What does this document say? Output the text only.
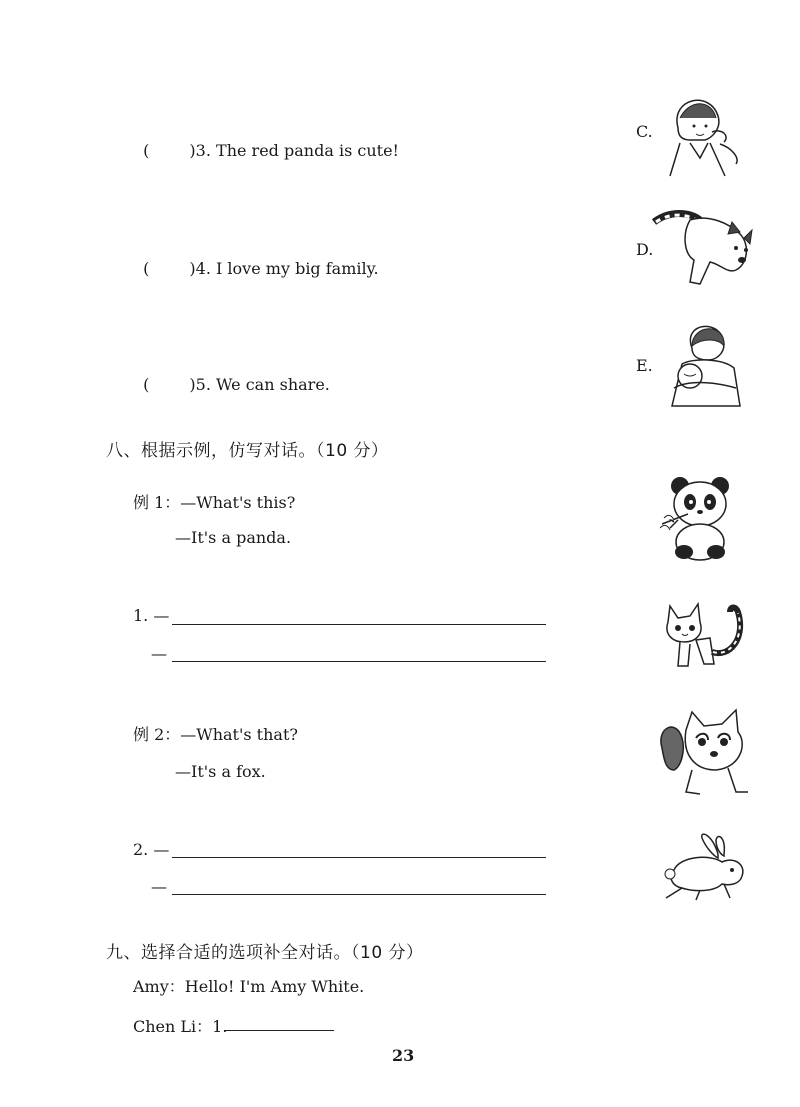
(	)3. The red panda is cute!

C.

(	)4. I love my big family.

D.

(	)5. We can share.

E.
八、根据示例，仿写对话。（10 分）
例 1：—What's this?
—It's a panda.
1. —
—
例 2：—What's that?
—It's a fox.
2. —
—
九、选择合适的选项补全对话。（10 分）
Amy：Hello! I'm Amy White.
Chen Li：1.
23
